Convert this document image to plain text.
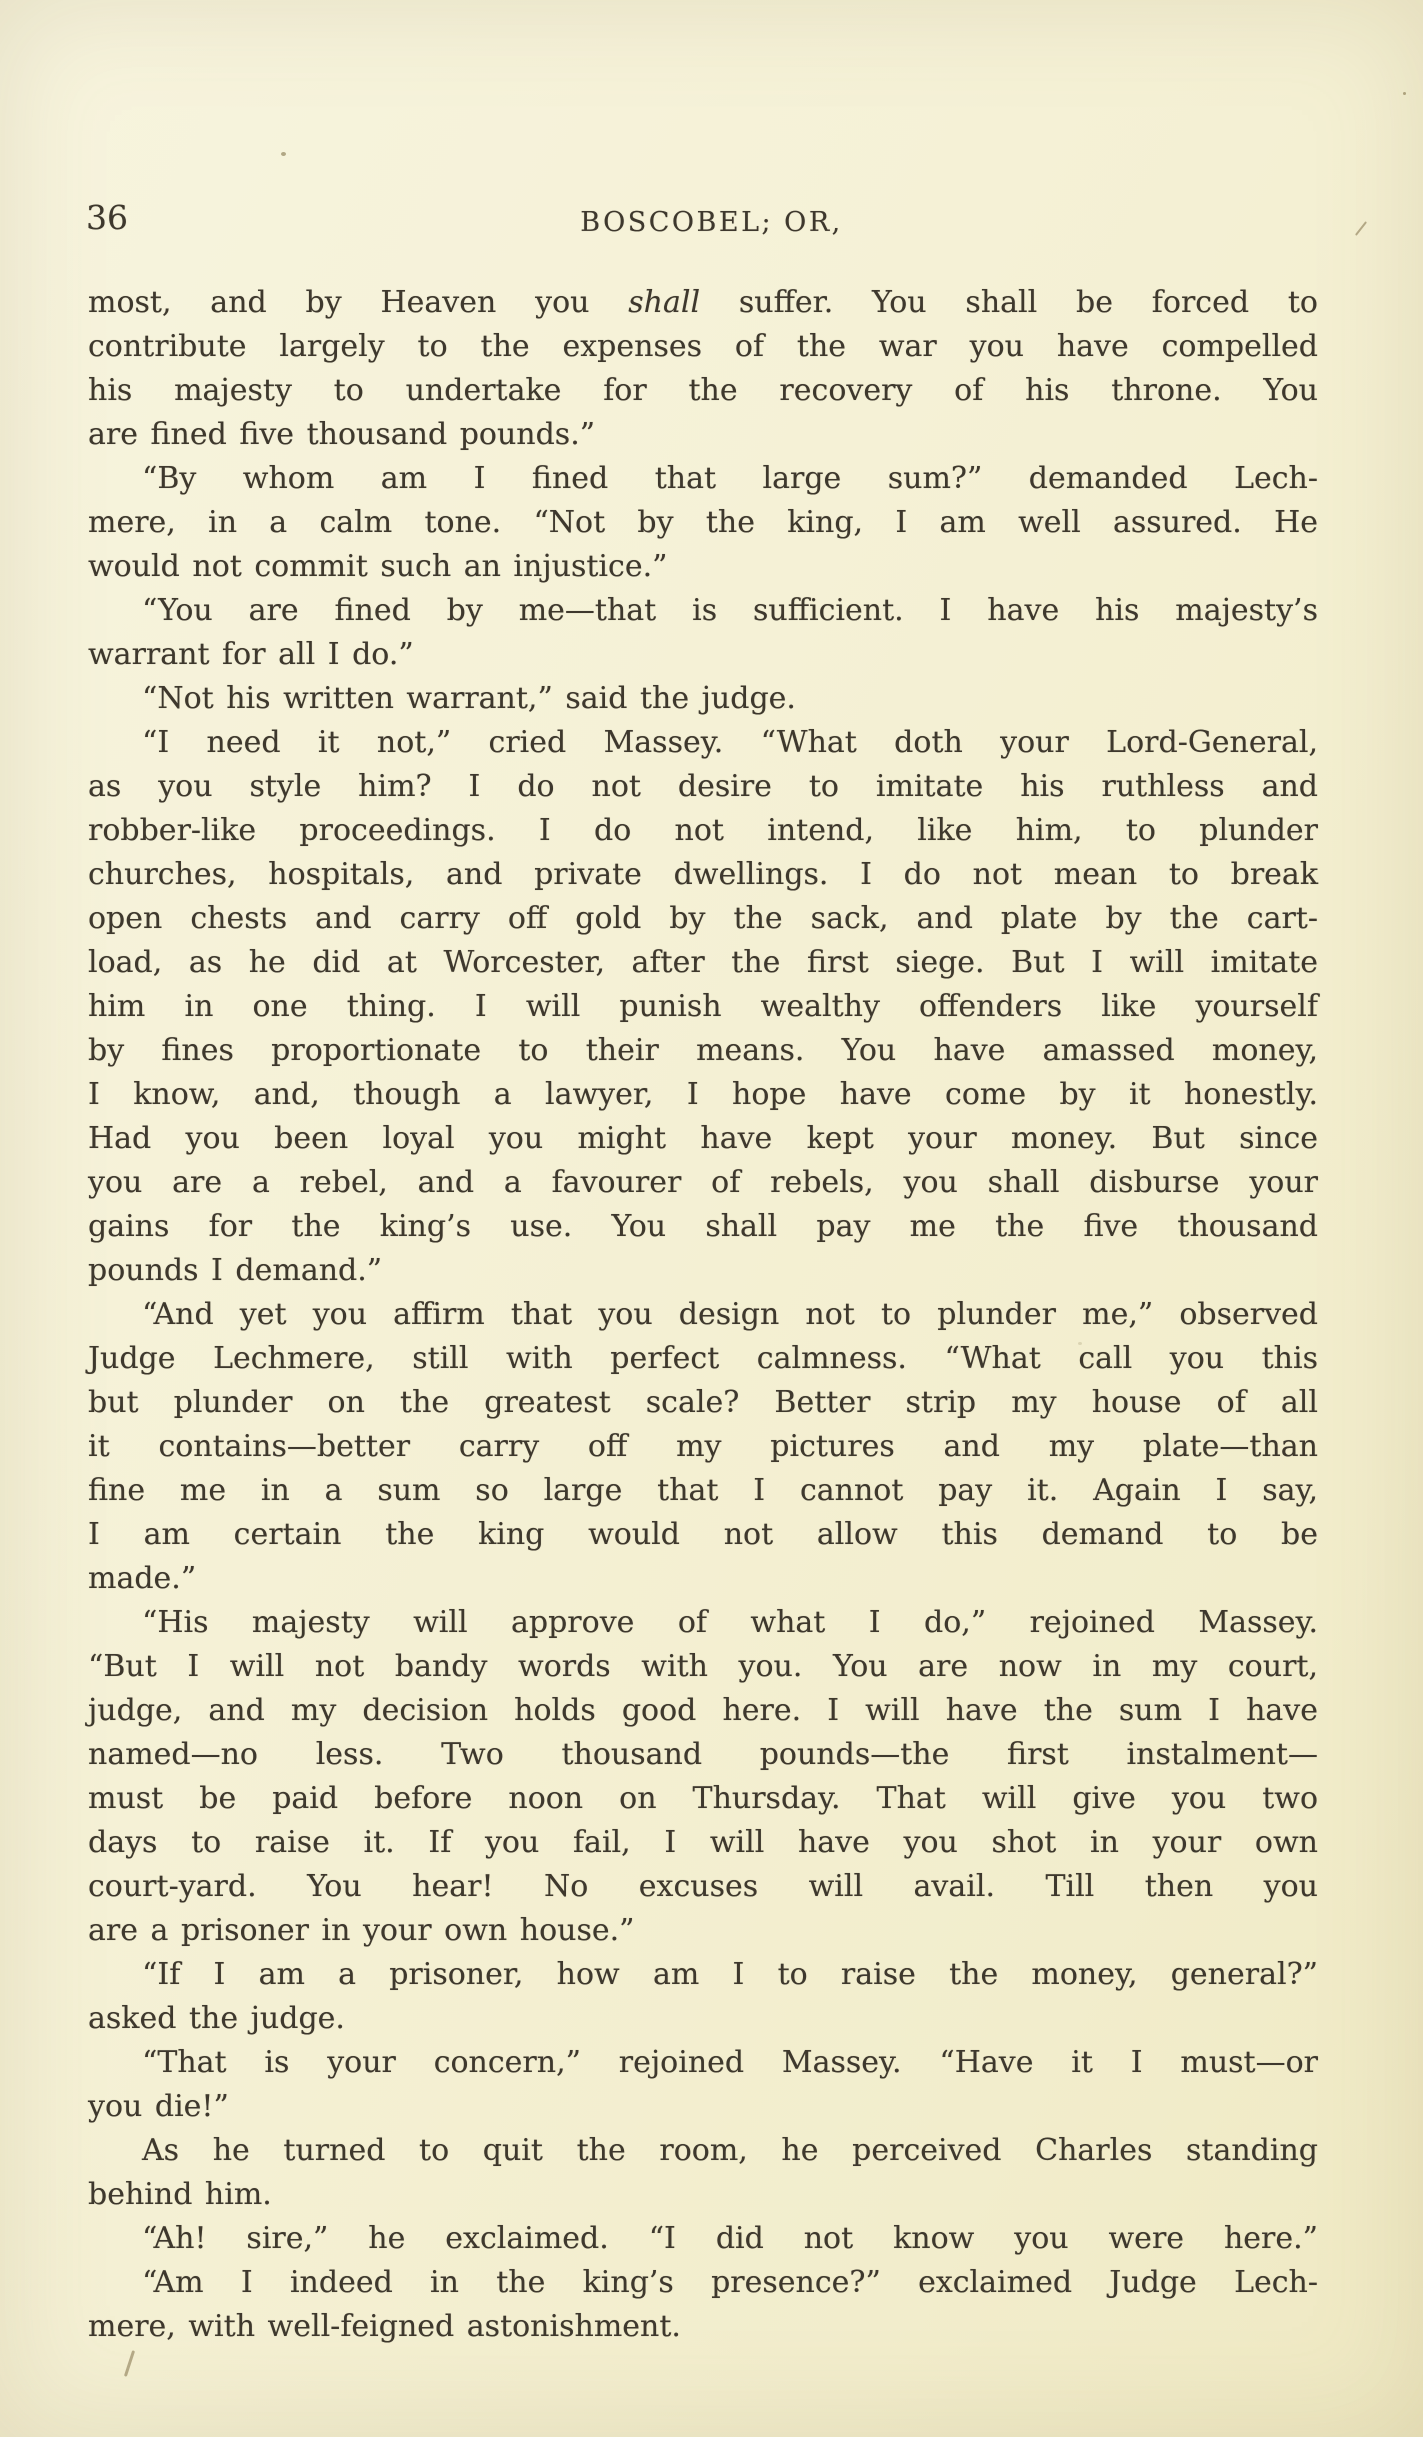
36	BOSCOBEL; OR,
most, and by Heaven you shall suffer. You shall be forced to
contribute largely to the expenses of the war you have compelled
his majesty to undertake for the recovery of his throne. You
are fined five thousand pounds.”
“By whom am I fined that large sum?” demanded Lech-
mere, in a calm tone. “Not by the king, I am well assured. He
would not commit such an injustice.”
“You are fined by me—that is sufficient. I have his majesty’s
warrant for all I do.”
“Not his written warrant,” said the judge.
“I need it not,” cried Massey. “What doth your Lord-General,
as you style him? I do not desire to imitate his ruthless and
robber-like proceedings. I do not intend, like him, to plunder
churches, hospitals, and private dwellings. I do not mean to break
open chests and carry off gold by the sack, and plate by the cart-
load, as he did at Worcester, after the first siege. But I will imitate
him in one thing. I will punish wealthy offenders like yourself
by fines proportionate to their means. You have amassed money,
I know, and, though a lawyer, I hope have come by it honestly.
Had you been loyal you might have kept your money. But since
you are a rebel, and a favourer of rebels, you shall disburse your
gains for the king’s use. You shall pay me the five thousand
pounds I demand.”
“And yet you affirm that you design not to plunder me,” observed
Judge Lechmere, still with perfect calmness. “What call you this
but plunder on the greatest scale? Better strip my house of all
it contains—better carry off my pictures and my plate—than
fine me in a sum so large that I cannot pay it. Again I say,
I am certain the king would not allow this demand to be
made.”
“His majesty will approve of what I do,” rejoined Massey.
“But I will not bandy words with you. You are now in my court,
judge, and my decision holds good here. I will have the sum I have
named—no less. Two thousand pounds—the first instalment—
must be paid before noon on Thursday. That will give you two
days to raise it. If you fail, I will have you shot in your own
court-yard. You hear! No excuses will avail. Till then you
are a prisoner in your own house.”
“If I am a prisoner, how am I to raise the money, general?”
asked the judge.
“That is your concern,” rejoined Massey. “Have it I must—or
you die!”
As he turned to quit the room, he perceived Charles standing
behind him.
“Ah! sire,” he exclaimed. “I did not know you were here.”
“Am I indeed in the king’s presence?” exclaimed Judge Lech-
mere, with well-feigned astonishment.
